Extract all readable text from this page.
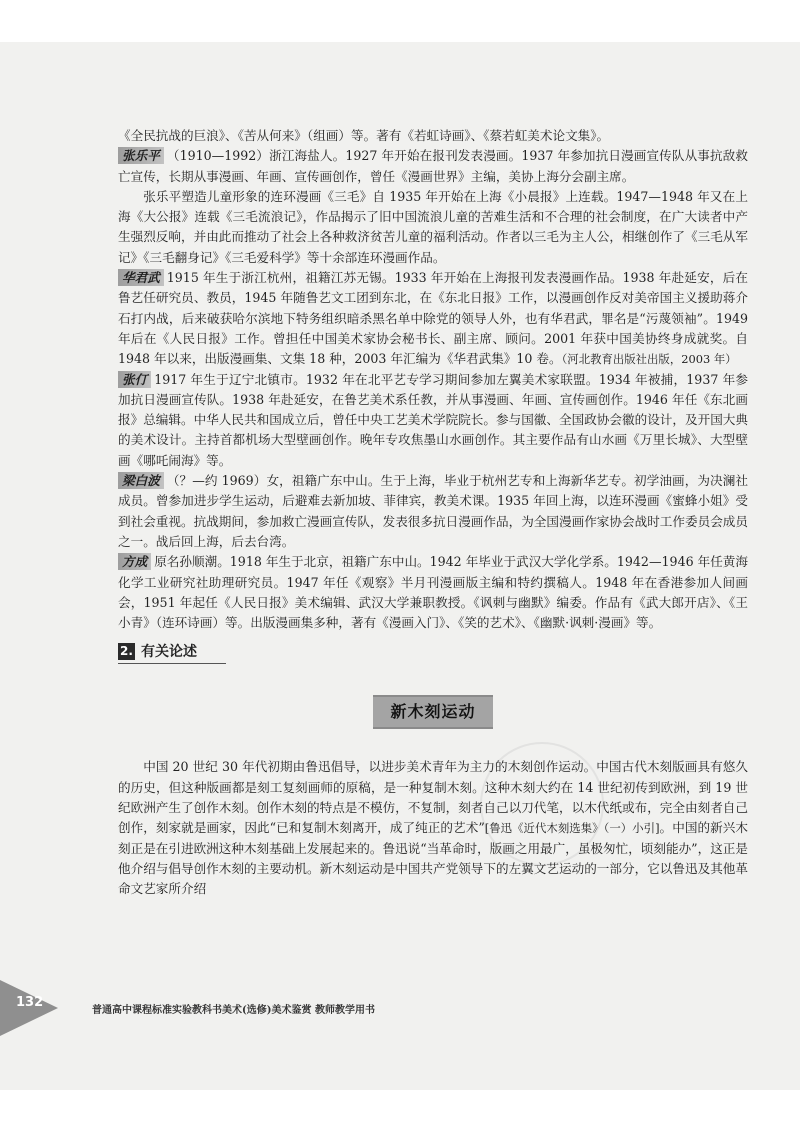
《全民抗战的巨浪》、《苦从何来》（组画）等。著有《若虹诗画》、《蔡若虹美术论文集》。

张乐平 （1910—1992）浙江海盐人。1927 年开始在报刊发表漫画。1937 年参加抗日漫画宣传队从事抗敌救亡宣传，长期从事漫画、年画、宣传画创作，曾任《漫画世界》主编，美协上海分会副主席。

张乐平塑造儿童形象的连环漫画《三毛》自 1935 年开始在上海《小晨报》上连载。1947—1948 年又在上海《大公报》连载《三毛流浪记》，作品揭示了旧中国流浪儿童的苦难生活和不合理的社会制度，在广大读者中产生强烈反响，并由此而推动了社会上各种救济贫苦儿童的福利活动。作者以三毛为主人公，相继创作了《三毛从军记》《三毛翻身记》《三毛爱科学》等十余部连环漫画作品。

华君武 1915 年生于浙江杭州，祖籍江苏无锡。1933 年开始在上海报刊发表漫画作品。1938 年赴延安，后在鲁艺任研究员、教员，1945 年随鲁艺文工团到东北，在《东北日报》工作，以漫画创作反对美帝国主义援助蒋介石打内战，后来破获哈尔滨地下特务组织暗杀黑名单中除党的领导人外，也有华君武，罪名是“污蔑领袖”。1949 年后在《人民日报》工作。曾担任中国美术家协会秘书长、副主席、顾问。2001 年获中国美协终身成就奖。自 1948 年以来，出版漫画集、文集 18 种，2003 年汇编为《华君武集》10 卷。（河北教育出版社出版，2003 年）

张仃 1917 年生于辽宁北镇市。1932 年在北平艺专学习期间参加左翼美术家联盟。1934 年被捕，1937 年参加抗日漫画宣传队。1938 年赴延安，在鲁艺美术系任教，并从事漫画、年画、宣传画创作。1946 年任《东北画报》总编辑。中华人民共和国成立后，曾任中央工艺美术学院院长。参与国徽、全国政协会徽的设计，及开国大典的美术设计。主持首都机场大型壁画创作。晚年专攻焦墨山水画创作。其主要作品有山水画《万里长城》、大型壁画《哪吒闹海》等。

梁白波 （？—约 1969）女，祖籍广东中山。生于上海，毕业于杭州艺专和上海新华艺专。初学油画，为决澜社成员。曾参加进步学生运动，后避难去新加坡、菲律宾，教美术课。1935 年回上海，以连环漫画《蜜蜂小姐》受到社会重视。抗战期间，参加救亡漫画宣传队，发表很多抗日漫画作品，为全国漫画作家协会战时工作委员会成员之一。战后回上海，后去台湾。

方成 原名孙顺潮。1918 年生于北京，祖籍广东中山。1942 年毕业于武汉大学化学系。1942—1946 年任黄海化学工业研究社助理研究员。1947 年任《观察》半月刊漫画版主编和特约撰稿人。1948 年在香港参加人间画会，1951 年起任《人民日报》美术编辑、武汉大学兼职教授。《讽刺与幽默》编委。作品有《武大郎开店》、《王小青》（连环诗画）等。出版漫画集多种，著有《漫画入门》、《笑的艺术》、《幽默·讽刺·漫画》等。

2. 有关论述
新木刻运动

中国 20 世纪 30 年代初期由鲁迅倡导，以进步美术青年为主力的木刻创作运动。中国古代木刻版画具有悠久的历史，但这种版画都是刻工复刻画师的原稿，是一种复制木刻。这种木刻大约在 14 世纪初传到欧洲，到 19 世纪欧洲产生了创作木刻。创作木刻的特点是不模仿，不复制，刻者自己以刀代笔，以木代纸或布，完全由刻者自己创作，刻家就是画家，因此“已和复制木刻离开，成了纯正的艺术”[鲁迅《近代木刻选集》（一）小引]。中国的新兴木刻正是在引进欧洲这种木刻基础上发展起来的。鲁迅说“当革命时，版画之用最广，虽极匆忙，顷刻能办”，这正是他介绍与倡导创作木刻的主要动机。新木刻运动是中国共产党领导下的左翼文艺运动的一部分，它以鲁迅及其他革命文艺家所介绍

132
普通高中课程标准实验教科书美术(选修)美术鉴赏 教师教学用书
